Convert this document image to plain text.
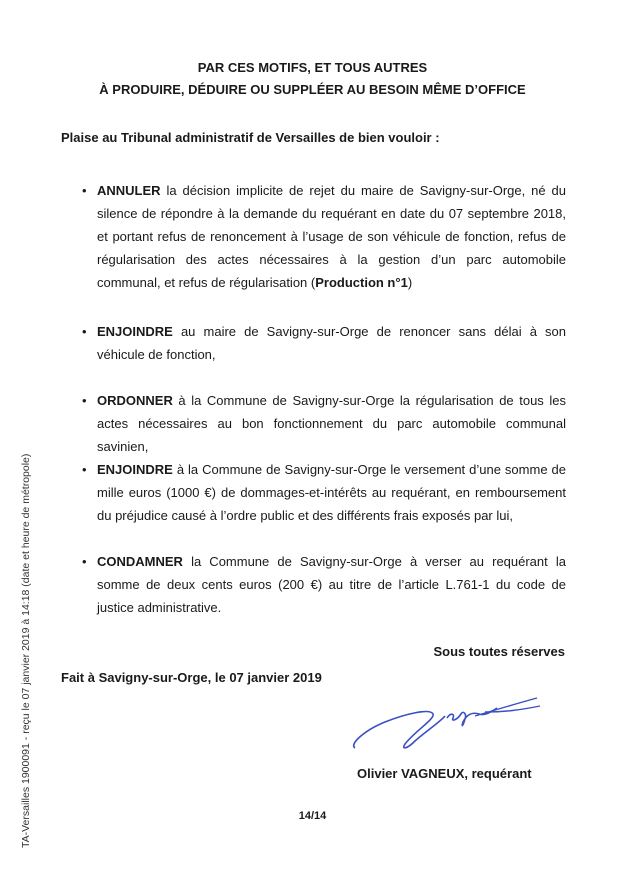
TA-Versailles 1900091 - reçu le 07 janvier 2019 à 14:18 (date et heure de métropole)
PAR CES MOTIFS, ET TOUS AUTRES
À PRODUIRE, DÉDUIRE OU SUPPLÉER AU BESOIN MÊME D’OFFICE
Plaise au Tribunal administratif de Versailles de bien vouloir :
• ANNULER la décision implicite de rejet du maire de Savigny-sur-Orge, né du silence de répondre à la demande du requérant en date du 07 septembre 2018, et portant refus de renoncement à l’usage de son véhicule de fonction, refus de régularisation des actes nécessaires à la gestion d’un parc automobile communal, et refus de régularisation (Production n°1)
• ENJOINDRE au maire de Savigny-sur-Orge de renoncer sans délai à son véhicule de fonction,
• ORDONNER à la Commune de Savigny-sur-Orge la régularisation de tous les actes nécessaires au bon fonctionnement du parc automobile communal savinien,
• ENJOINDRE à la Commune de Savigny-sur-Orge le versement d’une somme de mille euros (1000 €) de dommages-et-intérêts au requérant, en remboursement du préjudice causé à l’ordre public et des différents frais exposés par lui,
• CONDAMNER la Commune de Savigny-sur-Orge à verser au requérant la somme de deux cents euros (200 €) au titre de l’article L.761-1 du code de justice administrative.
Sous toutes réserves
Fait à Savigny-sur-Orge, le 07 janvier 2019
Olivier VAGNEUX, requérant
14/14
